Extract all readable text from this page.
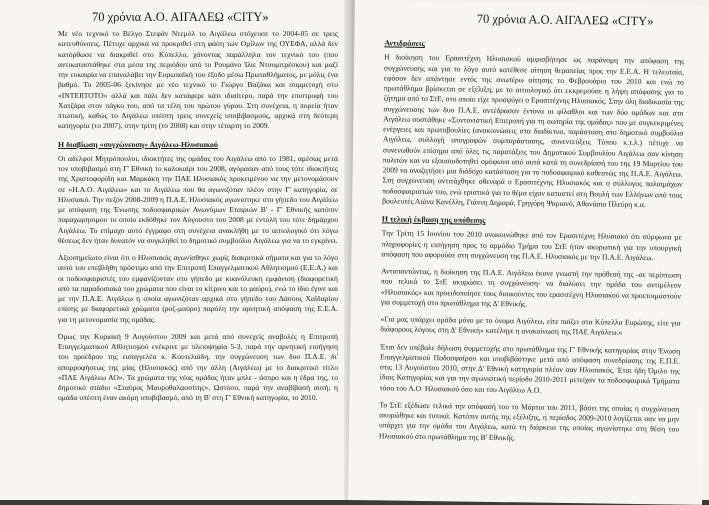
70 χρόνια Α.Ο. ΑΙΓΑΛΕΩ «CITY»

Με νέο τεχνικό το Βέλγο Στεφάν Ντεμόλ το Αιγάλεω στόχευσε το 2004-05 σε τρεις κατευθύνσεις. Πέτυχε αρχικά να προκριθεί στη φάση των Ομίλων της ΟΥΕΦΑ, αλλά δεν κατόρθωσε να διακριθεί στο Κύπελλο, χάνοντας παράλληλα τον τεχνικό του (που αντικαταστάθηκε στα μέσα της περιόδου από το Ρουμάνο Ίλιε Ντουμιτρέσκου) και μαζί την ευκαιρία να επαναλάβει την Ευρωπαϊκή του έξοδο μέσω Πρωταθλήματος, με μόλις ένα βαθμό. Το 2005-06 ξεκίνησε με νέο τεχνικό το Γιώργο Βαζάκα και συμμετοχή στο «INTERTOTO» αλλά και πάλι δεν κατάφερε κάτι ιδιαίτερο, παρά την επιστροφή του Χατζάρα στον πάγκο του, από τα τέλη του πρώτου γύρου. Στη συνέχεια, η πορεία ήταν πτωτική, καθώς το Αιγάλεω υπέστη τρεις συνεχείς υποβιβασμούς, αρχικά στη δεύτερη κατηγορία (το 2007), στην τρίτη (το 2008) και στην τέταρτη το 2009.

Η διαβίωση «συγχώνευση» Αιγάλεω-Ηλυσιακού

Οι αδελφοί Μητρόπουλοι, ιδιοκτήτες της ομάδας του Αιγάλεω από το 1981, αμέσως μετά τον υποβιβασμό στη Γ' Εθνική το καλοκαίρι του 2008, αγόρασαν από τους τότε ιδιοκτήτες της Χριστοφορίδη και Μαρκάκη την ΠΑΕ Ηλυσιακός προκειμένου να την μετονομάσουν σε «Η.Α.Ο. Αιγάλεω» και το Αιγάλεω που θα αγωνιζόταν πλέον στην Γ' κατηγορία, σε Ηλυσιακό. Την σεζόν 2008-2009 η Π.Α.Ε. Ηλυσιακός αγωνιστηκε στο γήπεδο του Αιγάλεω με απόφαση της Ένωσης ποδοσφαιρικών Ανωνύμων Εταιριών Β' - Γ' Εθνικής κατόπιν παραχωρησιμου το οποίο εκδόθηκε τον Αύγουστο του 2008 με εντολή του τότε δημάρχου Αιγάλεω. Το επίμαχο αυτό έγγραφο στη συνέχεια ανακλήθη με το αιτιολογικό ότι λόγω θέσεως δεν ήταν δυνατόν να συγκληθεί το δημοτικό συμβούλιο Αιγάλεω για να το εγκρίνει.

Αξιοσημείωτο είναι ότι ο Ηλυσιακός αγωνίσθηκε χωρίς διακριτικά σήματα και για το λόγο αυτό του επεβλήθη πρόστιμο από την Επιτροπή Επαγγελματικού Αθλητισμού (Ε.Ε.Α.) και οι ποδοσφαιριστές του εμφανίζονταν στο γήπεδο με κυανόλευκη εμφάνιση (διαφορετική από τα παραδοσιακά του χρώματα που είναι το κίτρινο και το μαύρο), ενώ το ίδιο έγινε και με την Π.Α.Ε. Αιγάλεω η οποία αγωνιζόταν αρχικά στο γήπεδο του Δάσους Χαϊδαρίου επίσης με διαφορετικά χρώματα (ροζ-μαύρο) παρόλη την αρνητική απόφαση της Ε.Ε.Α. για τη μετονομασία της ομάδας.

Όμως την Κυριακή 9 Αυγούστου 2009 και μετά από συνεχείς αναβολές η Επιτροπή Επαγγελματικού Αθλητισμού ενέκρινε με πλειοψηφία 5-3, παρά την αρνητική εισήγηση του προέδρου της εισαγγελέα κ. Κουτελιάδη, την συγχώνευση των δυο Π.Α.Ε. δι' απορροφήσεως της μίας (Ηλυσιακός) από την άλλη (Αιγάλεω) με το διακριτικό τίτλο «ΠΑΕ Αιγάλεω ΑΟ». Τα χρώματα της νέας ομάδας ήταν μπλε - άσπρο και η έδρα της, το δημοτικό στάδιο «Σταύρος Μαυροθαλασσίτης». Ωστόσο, παρά την αναβίβασή αυτή, η ομάδα υπέστη έναν ακόμη υποβιβασμό, από τη Β' στη Γ' Εθνική κατηγορία, το 2010.

70 χρόνια Α.Ο. ΑΙΓΑΛΕΩ «CITY»
Αντιδράσεις

Η διοίκηση του Ερασιτέχνη Ηλυσιακού αμφισβήτησε ως παράνομη την απόφαση της συγχώνευσης και για το λόγο αυτό κατέθεσε αίτηση θεραπείας προς την Ε.Ε.Α. Η τελευταία, εφόσον δεν απάντησε εντός της ανωτέρω αίτησης το Φεβρουάριο του 2010 και ενώ το πρωτάθλημα βρίσκεται σε εξέλιξη, με το αιτιολογικό ότι εκκρεμούσε η λήψη απόφασης για το ζήτημα από το ΣτΕ, στο οποίο είχε προσφύγει ο Ερασιτέχνης Ηλυσιακός. Στην όλη διαδικασία της συγχώνευσης των δυο Π.Α.Ε. αντέδρασαν έντονα οι φίλαθλοι και των δύο ομάδων και στο Αιγάλεω συστάθηκε «Συντονιστική Επιτροπή για τη σωτηρία της ομάδας» που με συγκεκριμένες ενέργειες και πρωτοβουλίες (ανακοινώσεις στα διαδίκτυο, παράσταση στο δημοτικό συμβούλιο Αιγάλεω, συλλογή υπογραφών συμπαράστασης, συνεντεύξεις Τύπου κ.τ.λ.) πέτυχε να συνενωθούν επίσημα από όλες τις παρατάξεις του Δημοτικού Συμβουλίου Αιγάλεω σαν κίνηση πολιτών και να εξουσιοδοτηθεί ομόφωνα από αυτό κατά τη συνεδρίασή του της 19 Μαρτίου του 2009 να αναζητήσει μια διάδοχο κατάσταση για το ποδοσφαιρικό καθεστώς της Π.Α.Ε. Αιγάλεω. Στη συγχώνευση αντιτάχθηκε σθεναρά ο Ερασιτέχνης Ηλυσιακός και ο σύλλογος παλαιμάχων ποδοσφαιριστών του, ενώ εριστικά για το θέμα είχαν καταστεί στη Βουλή των Ελλήνων από τους βουλευτές Λιάνα Κανέλλη, Γιάννη Δημαρά, Γρηγόρη Ψαριανό, Αθανάσιο Πλεύρη κ.α.

Η τελική έκβαση της υπόθεσης

Την Τρίτη 15 Ιουνίου του 2010 ανακοινώθηκε από τον Ερασιτέχνη Ηλυσιακό ότι σύμφωνα με πληροφορίες η εισήγηση προς το αρμόδιο Τμήμα του ΣτΕ ήταν ακυρωτική για την υπουργική απόφαση που αφορούσε στη συγχώνευση της Π.Α.Ε. Ηλυσιακός με την Π.Α.Ε. Αιγάλεω.

Ανταπαντώντας, η διοίκηση της Π.Α.Ε. Αιγάλεω έκανε γνωστή την πρόθεσή της -σε περίπτωση που τελικά το ΣτΕ ακυρώσει τη συγχώνευση- να διαλύσει την ομάδα του αντιμέλεον «Ηλυσιακός» και προειδοποίησε τους διοικούντες του ερασιτέχνη Ηλυσιακού να προετοιμαστούν για συμμετοχή στο πρωτάθλημα της Δ' Εθνικής.

«Για μας υπάρχει ομάδα μόνο με το όνομα Αιγάλεω, είτε παίζει στα Κύπελλα Ευρώπης, είτε για διάφορους λόγους στη Δ' Εθνική» κατέληγε η ανακοίνωση της ΠΑΕ Αιγάλεω.»

Έτσι δεν υπέβαλε δήλωση συμμετοχής στο πρωτάθλημα της Γ' Εθνικής κατηγορίας στην Ένωση Επαγγελματικού Ποδοσφαίρου και υποβιβάστηκε μετά από απόφαση συνεδρίασης της Ε.Π.Ε. στις 13 Αυγούστου 2010, στην Δ' Εθνική κατηγορία πλέον σαν Ηλυσιακός. Έτσι ήδη Όμιλο της ίδιας Κατηγορίας και για την αγωνιστική περίοδο 2010-2011 μετείχαν τα ποδοσφαιρικά Τμήματα τόσο του Α.Ο. Ηλυσιακού όσο και του Αιγάλεω Α.Ο.

Το ΣτΕ εξέδωσε τελικά την απόφασή του το Μάρτιο του 2011, βάσει της οποίας η συγχώνευση ακυρώθηκε και τυπικά. Κατόπιν αυτής της εξέλιξης, η περίοδος 2009-2010 λογίζεται σαν να μην υπάρχει για την ομάδα του Αιγάλεω, κατά τη διάρκεια της οποίας αγωνίστηκε στη θέση του Ηλυσιακού στο πρωτάθλημα της Β' Εθνικής.
